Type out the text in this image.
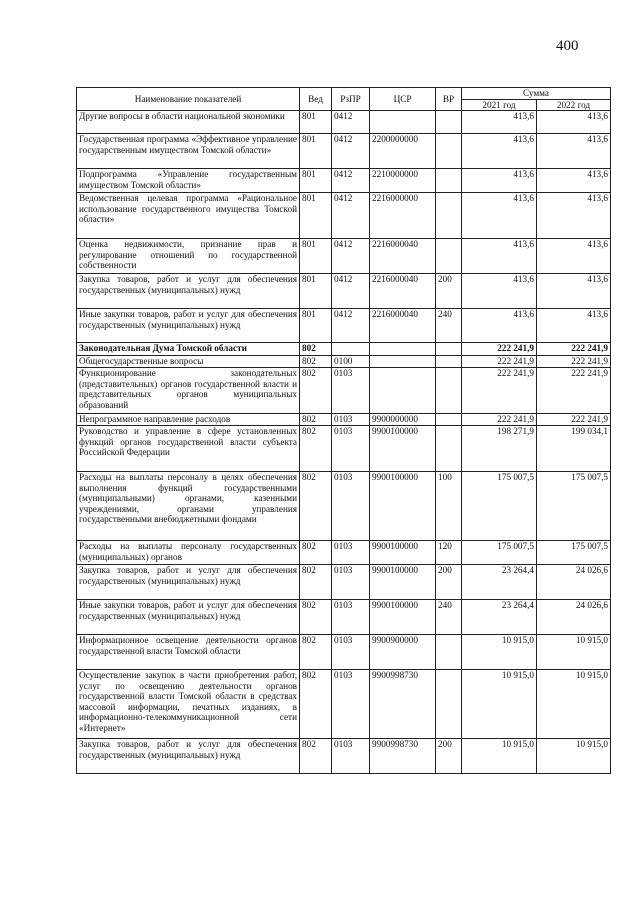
400
Наименование показателей	Вед	РзПР	ЦСР	ВР	Сумма	
					2021 год	2022 год
Другие вопросы в области национальной экономики	801	0412			413,6	413,6
Государственная программа «Эффективное управление государственным имуществом Томской области»	801	0412	2200000000		413,6	413,6
Подпрограмма «Управление государственным имуществом Томской области»	801	0412	2210000000		413,6	413,6
Ведомственная целевая программа «Рациональное использование государственного имущества Томской области»	801	0412	2216000000		413,6	413,6
Оценка недвижимости, признание прав и регулирование отношений по государственной собственности	801	0412	2216000040		413,6	413,6
Закупка товаров, работ и услуг для обеспечения государственных (муниципальных) нужд	801	0412	2216000040	200	413,6	413,6
Иные закупки товаров, работ и услуг для обеспечения государственных (муниципальных) нужд	801	0412	2216000040	240	413,6	413,6
Законодательная Дума Томской области	802				222 241,9	222 241,9
Общегосударственные вопросы	802	0100			222 241,9	222 241,9
Функционирование законодательных (представительных) органов государственной власти и представительных органов муниципальных образований	802	0103			222 241,9	222 241,9
Непрограммное направление расходов	802	0103	9900000000		222 241,9	222 241,9
Руководство и управление в сфере установленных функций органов государственной власти субъекта Российской Федерации	802	0103	9900100000		198 271,9	199 034,1
Расходы на выплаты персоналу в целях обеспечения выполнения функций государственными (муниципальными) органами, казенными учреждениями, органами управления государственными внебюджетными фондами	802	0103	9900100000	100	175 007,5	175 007,5
Расходы на выплаты персоналу государственных (муниципальных) органов	802	0103	9900100000	120	175 007,5	175 007,5
Закупка товаров, работ и услуг для обеспечения государственных (муниципальных) нужд	802	0103	9900100000	200	23 264,4	24 026,6
Иные закупки товаров, работ и услуг для обеспечения государственных (муниципальных) нужд	802	0103	9900100000	240	23 264,4	24 026,6
Информационное освещение деятельности органов государственной власти Томской области	802	0103	9900900000		10 915,0	10 915,0
Осуществление закупок в части приобретения работ, услуг по освещению деятельности органов государственной власти Томской области в средствах массовой информации, печатных изданиях, в информационно-телекоммуникационной сети «Интернет»	802	0103	9900998730		10 915,0	10 915,0
Закупка товаров, работ и услуг для обеспечения государственных (муниципальных) нужд	802	0103	9900998730	200	10 915,0	10 915,0
